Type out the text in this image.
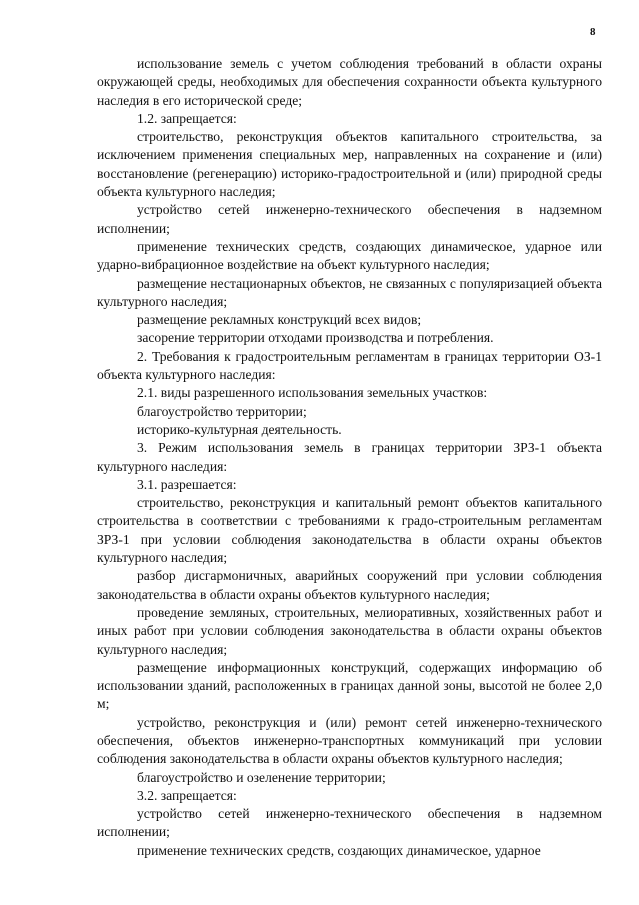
8

использование земель с учетом соблюдения требований в области охраны окружающей среды, необходимых для обеспечения сохранности объекта культурного наследия в его исторической среде;

1.2. запрещается:

строительство, реконструкция объектов капитального строительства, за исключением применения специальных мер, направленных на сохранение и (или) восстановление (регенерацию) историко-градостроительной и (или) природной среды объекта культурного наследия;

устройство сетей инженерно-технического обеспечения в надземном исполнении;

применение технических средств, создающих динамическое, ударное или ударно-вибрационное воздействие на объект культурного наследия;

размещение нестационарных объектов, не связанных с популяризацией объекта культурного наследия;

размещение рекламных конструкций всех видов;

засорение территории отходами производства и потребления.

2. Требования к градостроительным регламентам в границах территории ОЗ-1 объекта культурного наследия:

2.1. виды разрешенного использования земельных участков:

благоустройство территории;

историко-культурная деятельность.

3. Режим использования земель в границах территории ЗРЗ-1 объекта культурного наследия:

3.1. разрешается:

строительство, реконструкция и капитальный ремонт объектов капитального строительства в соответствии с требованиями к градо-строительным регламентам ЗРЗ-1 при условии соблюдения законодательства в области охраны объектов культурного наследия;

разбор дисгармоничных, аварийных сооружений при условии соблюдения законодательства в области охраны объектов культурного наследия;

проведение земляных, строительных, мелиоративных, хозяйственных работ и иных работ при условии соблюдения законодательства в области охраны объектов культурного наследия;

размещение информационных конструкций, содержащих информацию об использовании зданий, расположенных в границах данной зоны, высотой не более 2,0 м;

устройство, реконструкция и (или) ремонт сетей инженерно-технического обеспечения, объектов инженерно-транспортных коммуникаций при условии соблюдения законодательства в области охраны объектов культурного наследия;

благоустройство и озеленение территории;

3.2. запрещается:

устройство сетей инженерно-технического обеспечения в надземном исполнении;

применение технических средств, создающих динамическое, ударное
